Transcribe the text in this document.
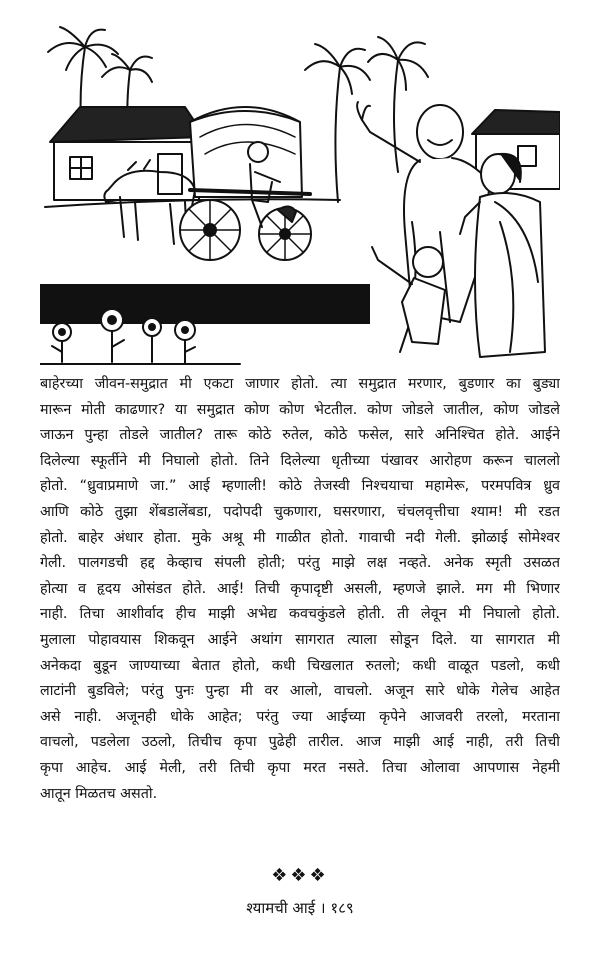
बाहेरच्या जीवन-समुद्रात मी एकटा जाणार होतो. त्या समुद्रात मरणार, बुडणार का बुड्या
मारून मोती काढणार? या समुद्रात कोण कोण भेटतील. कोण जोडले जातील, कोण जोडले
जाऊन पुन्हा तोडले जातील? तारू कोठे रुतेल, कोठे फसेल, सारे अनिश्चित होते. आईने
दिलेल्या स्फूर्तीने मी निघालो होतो. तिने दिलेल्या धृतीच्या पंखावर आरोहण करून चाललो
होतो. “ध्रुवाप्रमाणे जा.” आई म्हणाली! कोठे तेजस्वी निश्चयाचा महामेरू, परमपवित्र ध्रुव
आणि कोठे तुझा शेंबडालेंबडा, पदोपदी चुकणारा, घसरणारा, चंचलवृत्तीचा श्याम! मी रडत
होतो. बाहेर अंधार होता. मुके अश्रू मी गाळीत होतो. गावाची नदी गेली. झोळाई सोमेश्वर
गेली. पालगडची हद्द केव्हाच संपली होती; परंतु माझे लक्ष नव्हते. अनेक स्मृती उसळत
होत्या व हृदय ओसंडत होते. आई! तिची कृपादृष्टी असली, म्हणजे झाले. मग मी भिणार
नाही. तिचा आशीर्वाद हीच माझी अभेद्य कवचकुंडले होती. ती लेवून मी निघालो होतो.
मुलाला पोहावयास शिकवून आईने अथांग सागरात त्याला सोडून दिले. या सागरात मी
अनेकदा बुडून जाण्याच्या बेतात होतो, कधी चिखलात रुतलो; कधी वाळूत पडलो, कधी
लाटांनी बुडविले; परंतु पुनः पुन्हा मी वर आलो, वाचलो. अजून सारे धोके गेलेच आहेत
असे नाही. अजूनही धोके आहेत; परंतु ज्या आईच्या कृपेने आजवरी तरलो, मरताना
वाचलो, पडलेला उठलो, तिचीच कृपा पुढेही तारील. आज माझी आई नाही, तरी तिची
कृपा आहेच. आई मेली, तरी तिची कृपा मरत नसते. तिचा ओलावा आपणास नेहमी
आतून मिळतच असतो.
❖❖❖
श्यामची आई । १८९
